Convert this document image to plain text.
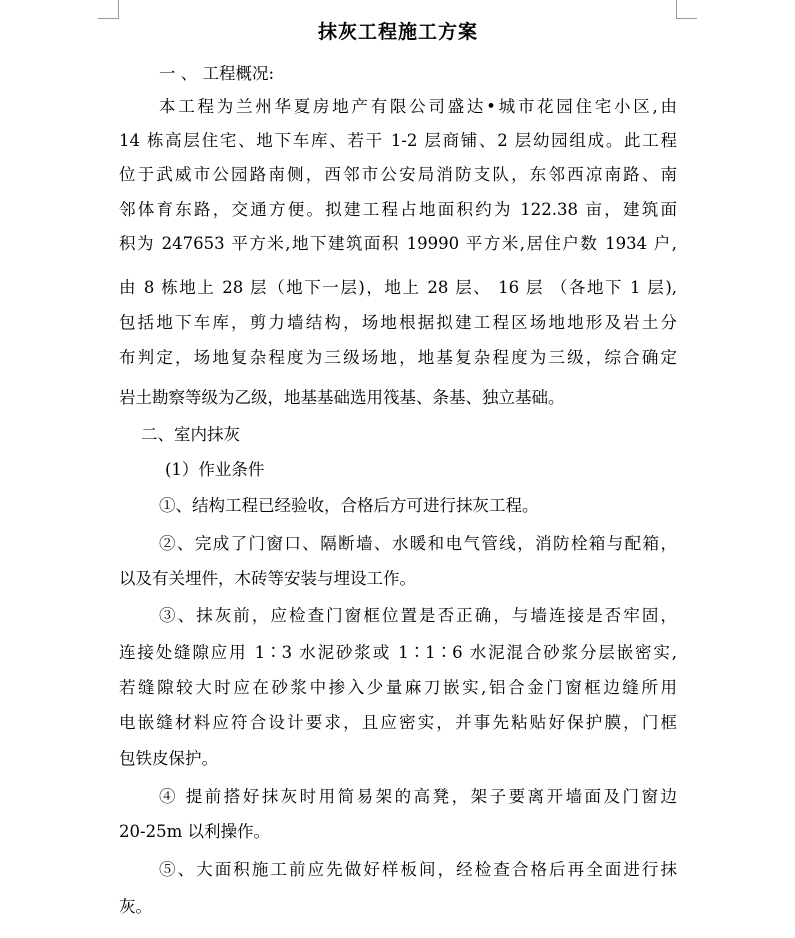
抹灰工程施工方案
一 、 工程概况:
本工程为兰州华夏房地产有限公司盛达•城市花园住宅小区,由
14 栋高层住宅、地下车库、若干 1-2 层商铺、2 层幼园组成。此工程
位于武威市公园路南侧，西邻市公安局消防支队，东邻西凉南路、南
邻体育东路，交通方便。拟建工程占地面积约为 122.38 亩，建筑面
积为 247653 平方米,地下建筑面积 19990 平方米,居住户数 1934 户,
由 8 栋地上 28 层（地下一层)，地上 28 层、 16 层 （各地下 1 层),
包括地下车库，剪力墙结构，场地根据拟建工程区场地地形及岩土分
布判定，场地复杂程度为三级场地，地基复杂程度为三级，综合确定
岩土勘察等级为乙级，地基基础选用筏基、条基、独立基础。
二、室内抹灰
(1）作业条件
①、结构工程已经验收，合格后方可进行抹灰工程。
②、完成了门窗口、隔断墙、水暖和电气管线，消防栓箱与配箱，
以及有关埋件，木砖等安装与埋设工作。
③、抹灰前，应检查门窗框位置是否正确，与墙连接是否牢固，
连接处缝隙应用 1∶3 水泥砂浆或 1∶1∶6 水泥混合砂浆分层嵌密实,
若缝隙较大时应在砂浆中掺入少量麻刀嵌实,铝合金门窗框边缝所用
电嵌缝材料应符合设计要求，且应密实，并事先粘贴好保护膜，门框
包铁皮保护。
④ 提前搭好抹灰时用简易架的高凳，架子要离开墙面及门窗边
20-25m 以利操作。
⑤、大面积施工前应先做好样板间，经检查合格后再全面进行抹
灰。
